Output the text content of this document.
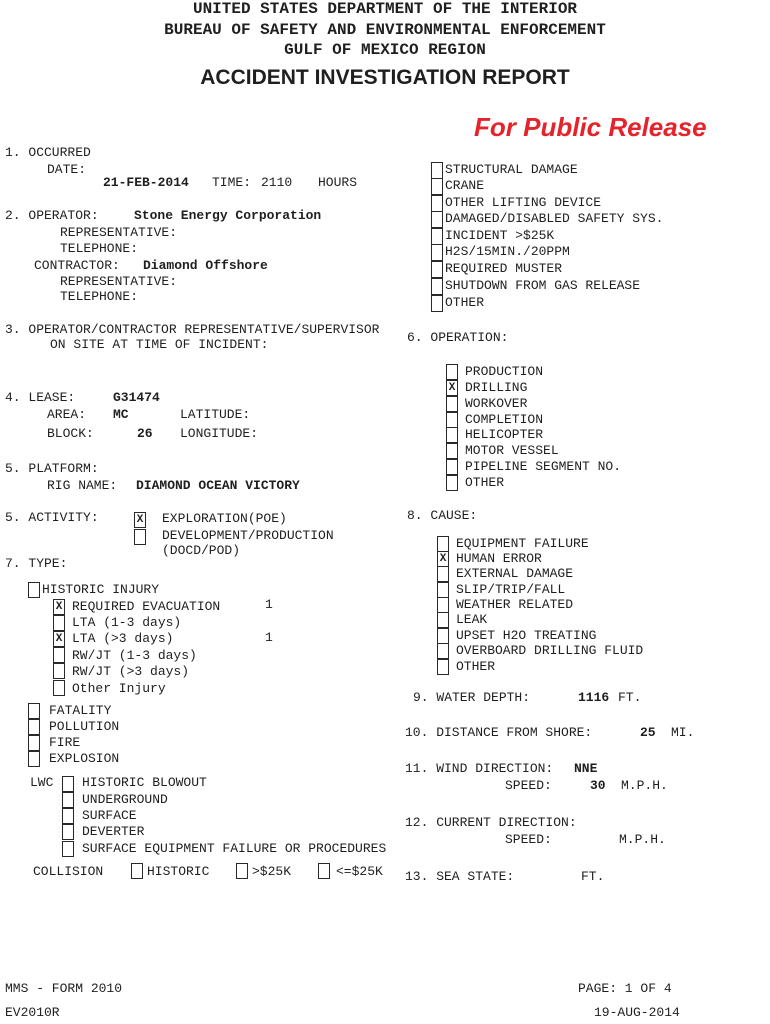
UNITED STATES DEPARTMENT OF THE INTERIOR
BUREAU OF SAFETY AND ENVIRONMENTAL ENFORCEMENT
GULF OF MEXICO REGION
ACCIDENT INVESTIGATION REPORT
For Public Release
1. OCCURRED
DATE:
21-FEB-2014 TIME: 2110 HOURS
2. OPERATOR:	Stone Energy Corporation
REPRESENTATIVE:
TELEPHONE:
CONTRACTOR: Diamond Offshore
REPRESENTATIVE:
TELEPHONE:
3. OPERATOR/CONTRACTOR REPRESENTATIVE/SUPERVISOR
ON SITE AT TIME OF INCIDENT:
4. LEASE:	G31474
AREA: MC	LATITUDE:
BLOCK:	26 LONGITUDE:
5. PLATFORM:
RIG NAME: DIAMOND OCEAN VICTORY
5. ACTIVITY:
X	EXPLORATION(POE)
DEVELOPMENT/PRODUCTION
(DOCD/POD)
7. TYPE:
HISTORIC INJURY
X
REQUIRED EVACUATION	1
LTA (1-3 days)
X
LTA (>3 days)	1
RW/JT (1-3 days)
RW/JT (>3 days)
Other Injury
FATALITY
POLLUTION
FIRE
EXPLOSION
LWC HISTORIC BLOWOUT
UNDERGROUND
SURFACE
DEVERTER
SURFACE EQUIPMENT FAILURE OR PROCEDURES
COLLISION	HISTORIC	>$25K	<=$25K
STRUCTURAL DAMAGE
CRANE
OTHER LIFTING DEVICE
DAMAGED/DISABLED SAFETY SYS.
INCIDENT >$25K
H2S/15MIN./20PPM
REQUIRED MUSTER
SHUTDOWN FROM GAS RELEASE
OTHER
6. OPERATION:
PRODUCTION
X
DRILLING
WORKOVER
COMPLETION
HELICOPTER
MOTOR VESSEL
PIPELINE SEGMENT NO.
OTHER
8. CAUSE:
EQUIPMENT FAILURE
X
HUMAN ERROR
EXTERNAL DAMAGE
SLIP/TRIP/FALL
WEATHER RELATED
LEAK
UPSET H2O TREATING
OVERBOARD DRILLING FLUID
OTHER
9. WATER DEPTH:	1116 FT.
10. DISTANCE FROM SHORE:	25 MI.
11. WIND DIRECTION: NNE
SPEED:	30 M.P.H.
12. CURRENT DIRECTION:
SPEED:	M.P.H.
13. SEA STATE:	FT.
MMS - FORM 2010	PAGE: 1 OF 4
EV2010R	19-AUG-2014
